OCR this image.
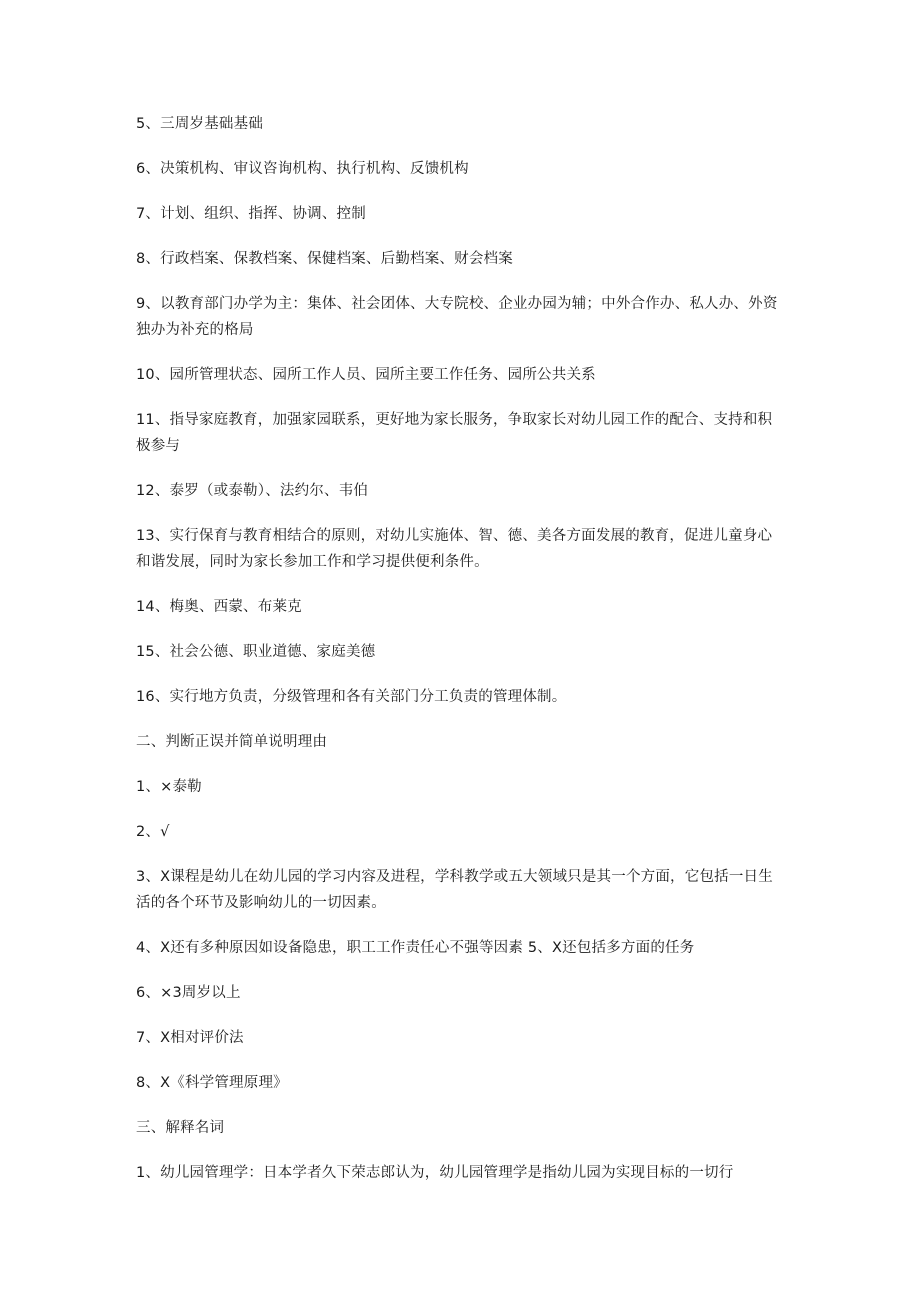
5、三周岁基础基础

6、决策机构、审议咨询机构、执行机构、反馈机构

7、计划、组织、指挥、协调、控制

8、行政档案、保教档案、保健档案、后勤档案、财会档案

9、以教育部门办学为主：集体、社会团体、大专院校、企业办园为辅；中外合作办、私人办、外资独办为补充的格局

10、园所管理状态、园所工作人员、园所主要工作任务、园所公共关系

11、指导家庭教育，加强家园联系，更好地为家长服务，争取家长对幼儿园工作的配合、支持和积极参与

12、泰罗（或泰勒）、法约尔、韦伯

13、实行保育与教育相结合的原则，对幼儿实施体、智、德、美各方面发展的教育，促进儿童身心和谐发展，同时为家长参加工作和学习提供便利条件。

14、梅奥、西蒙、布莱克

15、社会公德、职业道德、家庭美德

16、实行地方负责，分级管理和各有关部门分工负责的管理体制。

二、判断正误并简单说明理由

1、×泰勒

2、√

3、X课程是幼儿在幼儿园的学习内容及进程，学科教学或五大领域只是其一个方面，它包括一日生活的各个环节及影响幼儿的一切因素。

4、X还有多种原因如设备隐患，职工工作责任心不强等因素 5、X还包括多方面的任务

6、×3周岁以上

7、X相对评价法

8、X《科学管理原理》

三、解释名词

1、幼儿园管理学：日本学者久下荣志郎认为，幼儿园管理学是指幼儿园为实现目标的一切行
